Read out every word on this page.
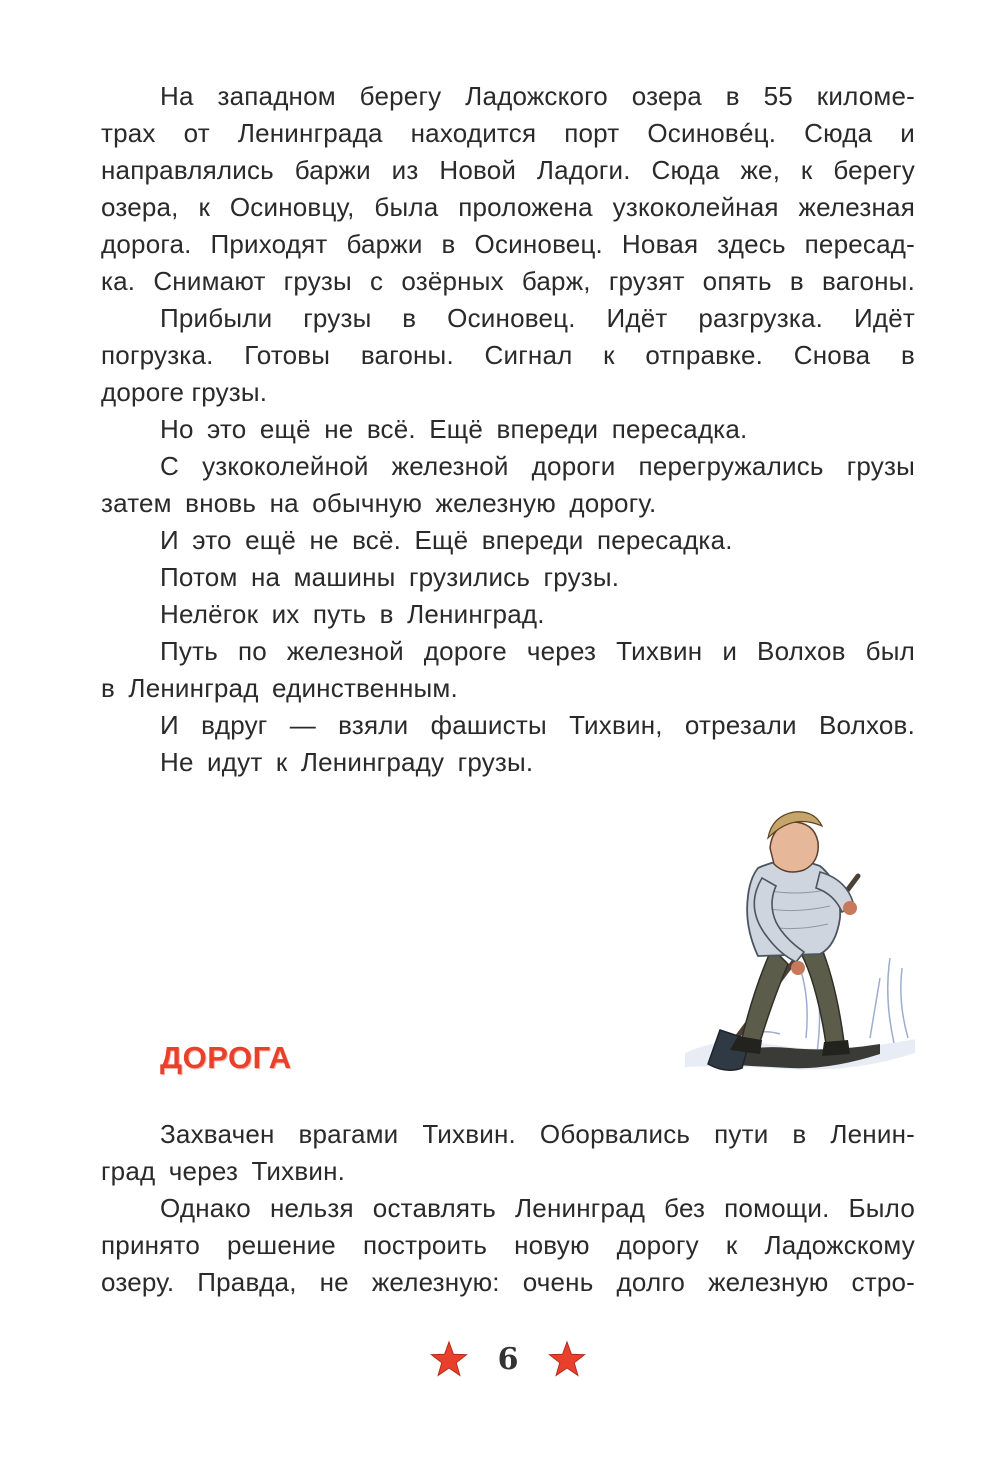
На западном берегу Ладожского озера в 55 киломе-
трах от Ленинграда находится порт Осиновéц. Сюда и
направлялись баржи из Новой Ладоги. Сюда же, к берегу
озера, к Осиновцу, была проложена узкоколейная железная
дорога. Приходят баржи в Осиновец. Новая здесь пересад-
ка. Снимают грузы с озёрных барж, грузят опять в вагоны.
Прибыли грузы в Осиновец. Идёт разгрузка. Идёт
погрузка. Готовы вагоны. Сигнал к отправке. Снова в
дороге грузы.
Но это ещё не всё. Ещё впереди пересадка.
С узкоколейной железной дороги перегружались грузы
затем вновь на обычную железную дорогу.
И это ещё не всё. Ещё впереди пересадка.
Потом на машины грузились грузы.
Нелёгок их путь в Ленинград.
Путь по железной дороге через Тихвин и Волхов был
в Ленинград единственным.
И вдруг — взяли фашисты Тихвин, отрезали Волхов.
Не идут к Ленинграду грузы.
ДОРОГА
Захвачен врагами Тихвин. Оборвались пути в Ленин-
град через Тихвин.
Однако нельзя оставлять Ленинград без помощи. Было
принято решение построить новую дорогу к Ладожскому
озеру. Правда, не железную: очень долго железную стро-
6
